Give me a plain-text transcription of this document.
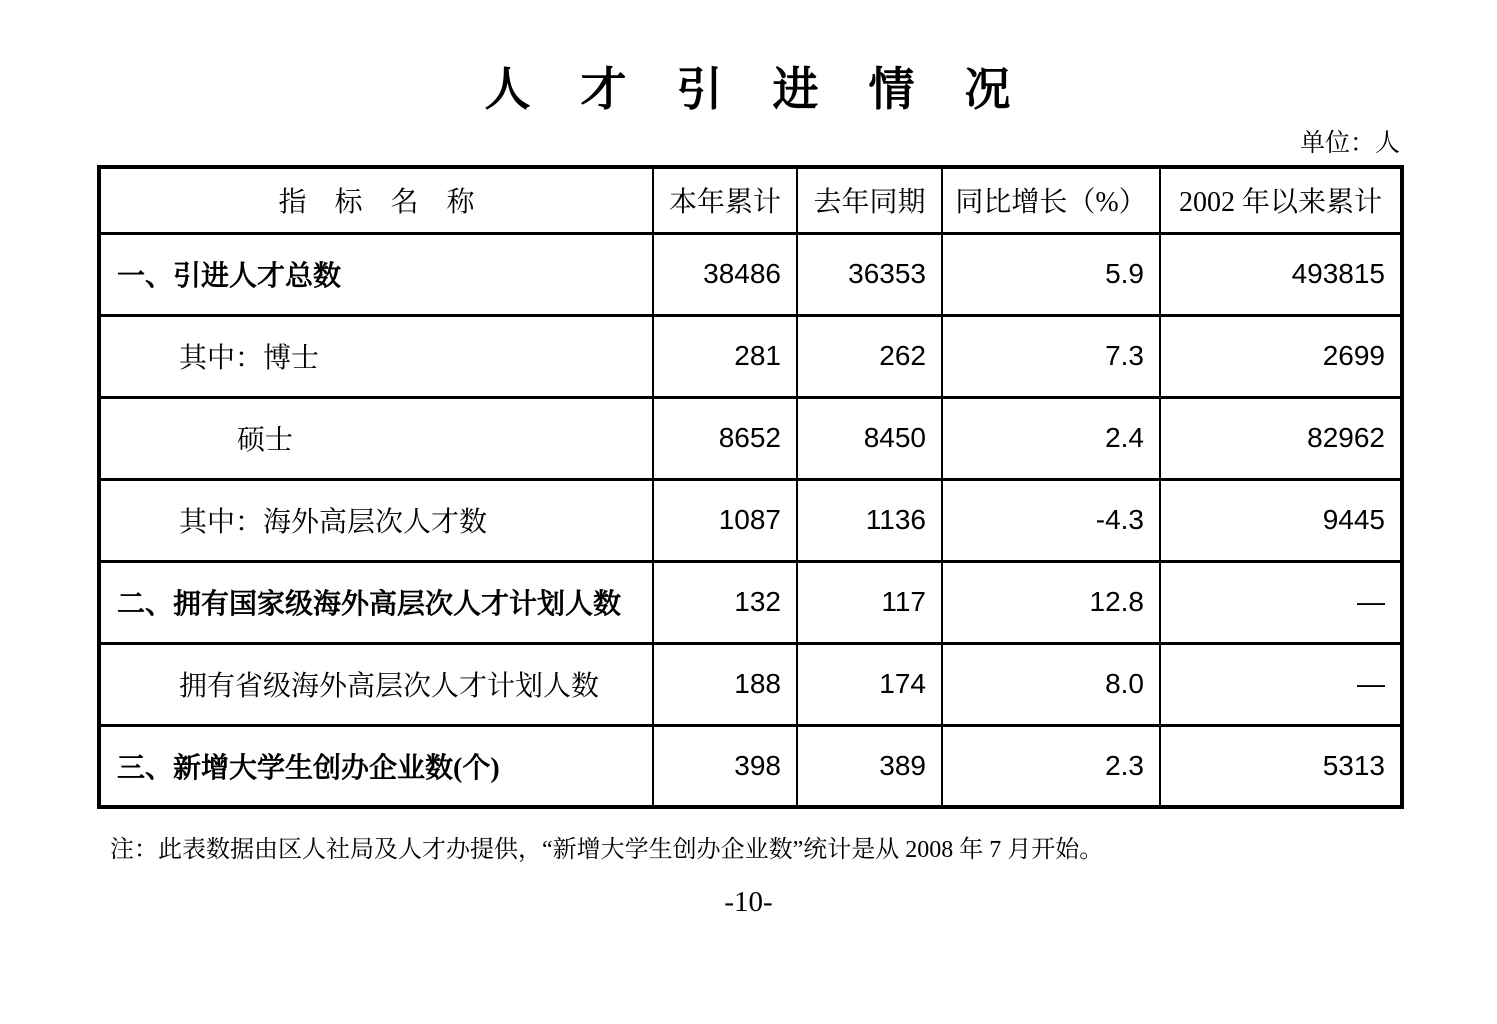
人　才　引　进　情　况
单位：人
指　标　名　称	本年累计	去年同期	同比增长（%）	2002 年以来累计
一、引进人才总数	38486	36353	5.9	493815
其中：博士	281	262	7.3	2699
硕士	8652	8450	2.4	82962
其中：海外高层次人才数	1087	1136	-4.3	9445
二、拥有国家级海外高层次人才计划人数	132	117	12.8	—
拥有省级海外高层次人才计划人数	188	174	8.0	—
三、新增大学生创办企业数(个)	398	389	2.3	5313
注：此表数据由区人社局及人才办提供，“新增大学生创办企业数”统计是从 2008 年 7 月开始。
-10-
